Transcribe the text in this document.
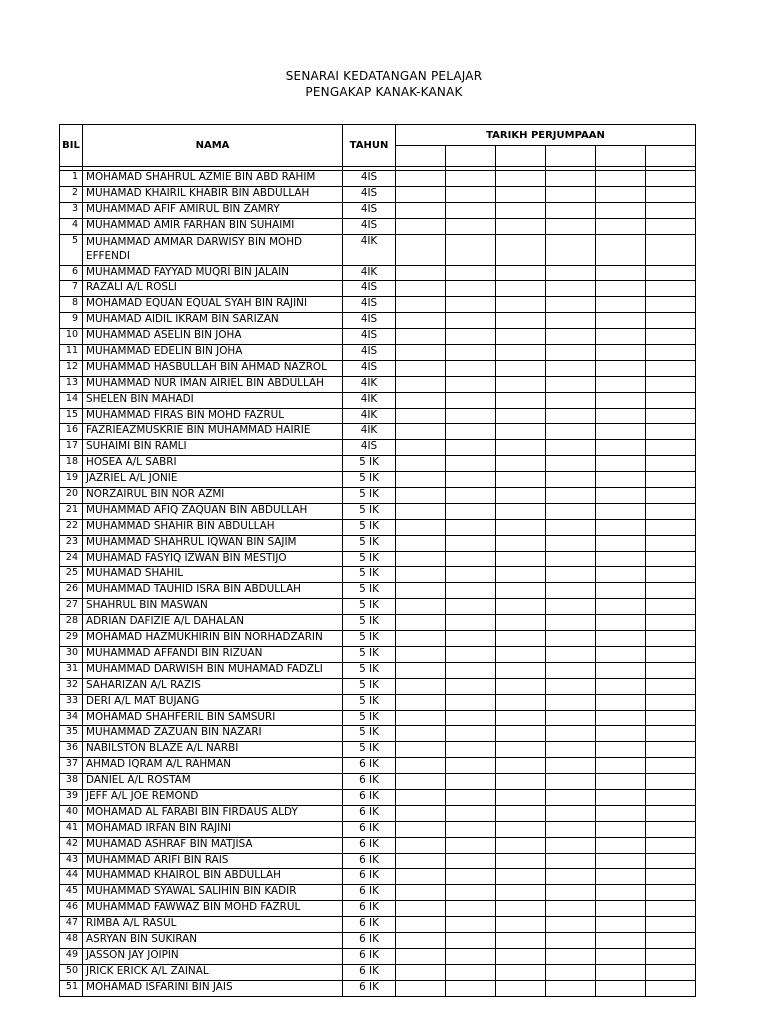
SENARAI KEDATANGAN PELAJAR
PENGAKAP KANAK-KANAK
BIL	NAMA	TAHUN	TARIKH PERJUMPAAN					

1	MOHAMAD SHAHRUL AZMIE BIN ABD RAHIM	4IS						
2	MUHAMAD KHAIRIL KHABIR BIN ABDULLAH	4IS						
3	MUHAMMAD AFIF AMIRUL BIN ZAMRY	4IS						
4	MUHAMMAD AMIR FARHAN BIN SUHAIMI	4IS						
5	MUHAMMAD AMMAR DARWISY BIN MOHD EFFENDI	4IK						
6	MUHAMMAD FAYYAD MUQRI BIN JALAIN	4IK						
7	RAZALI A/L ROSLI	4IS						
8	MOHAMAD EQUAN EQUAL SYAH BIN RAJINI	4IS						
9	MUHAMAD AIDIL IKRAM BIN SARIZAN	4IS						
10	MUHAMMAD ASELIN BIN JOHA	4IS						
11	MUHAMMAD EDELIN BIN JOHA	4IS						
12	MUHAMMAD HASBULLAH BIN AHMAD NAZROL	4IS						
13	MUHAMMAD NUR IMAN AIRIEL BIN ABDULLAH	4IK						
14	SHELEN BIN MAHADI	4IK						
15	MUHAMMAD FIRAS BIN MOHD FAZRUL	4IK						
16	FAZRIEAZMUSKRIE BIN MUHAMMAD HAIRIE	4IK						
17	SUHAIMI BIN RAMLI	4IS						
18	HOSEA A/L SABRI	5 IK						
19	JAZRIEL A/L JONIE	5 IK						
20	NORZAIRUL BIN NOR AZMI	5 IK						
21	MUHAMMAD AFIQ ZAQUAN BIN ABDULLAH	5 IK						
22	MUHAMMAD SHAHIR BIN ABDULLAH	5 IK						
23	MUHAMMAD SHAHRUL IQWAN BIN SAJIM	5 IK						
24	MUHAMAD FASYIQ IZWAN BIN MESTIJO	5 IK						
25	MUHAMAD SHAHIL	5 IK						
26	MUHAMMAD TAUHID ISRA BIN ABDULLAH	5 IK						
27	SHAHRUL BIN MASWAN	5 IK						
28	ADRIAN DAFIZIE A/L DAHALAN	5 IK						
29	MOHAMAD HAZMUKHIRIN BIN NORHADZARIN	5 IK						
30	MUHAMMAD AFFANDI BIN RIZUAN	5 IK						
31	MUHAMMAD DARWISH BIN MUHAMAD FADZLI	5 IK						
32	SAHARIZAN A/L RAZIS	5 IK						
33	DERI A/L MAT BUJANG	5 IK						
34	MOHAMAD SHAHFERIL BIN SAMSURI	5 IK						
35	MUHAMMAD ZAZUAN BIN NAZARI	5 IK						
36	NABILSTON BLAZE A/L NARBI	5 IK						
37	AHMAD IQRAM A/L RAHMAN	6 IK						
38	DANIEL A/L ROSTAM	6 IK						
39	JEFF A/L JOE REMOND	6 IK						
40	MOHAMAD AL FARABI BIN FIRDAUS ALDY	6 IK						
41	MOHAMAD IRFAN BIN RAJINI	6 IK						
42	MUHAMAD ASHRAF BIN MATJISA	6 IK						
43	MUHAMMAD ARIFI BIN RAIS	6 IK						
44	MUHAMMAD KHAIROL BIN ABDULLAH	6 IK						
45	MUHAMMAD SYAWAL SALIHIN BIN KADIR	6 IK						
46	MUHAMMAD FAWWAZ BIN MOHD FAZRUL	6 IK						
47	RIMBA A/L RASUL	6 IK						
48	ASRYAN BIN SUKIRAN	6 IK						
49	JASSON JAY JOIPIN	6 IK						
50	JRICK ERICK A/L ZAINAL	6 IK						
51	MOHAMAD ISFARINI BIN JAIS	6 IK						
